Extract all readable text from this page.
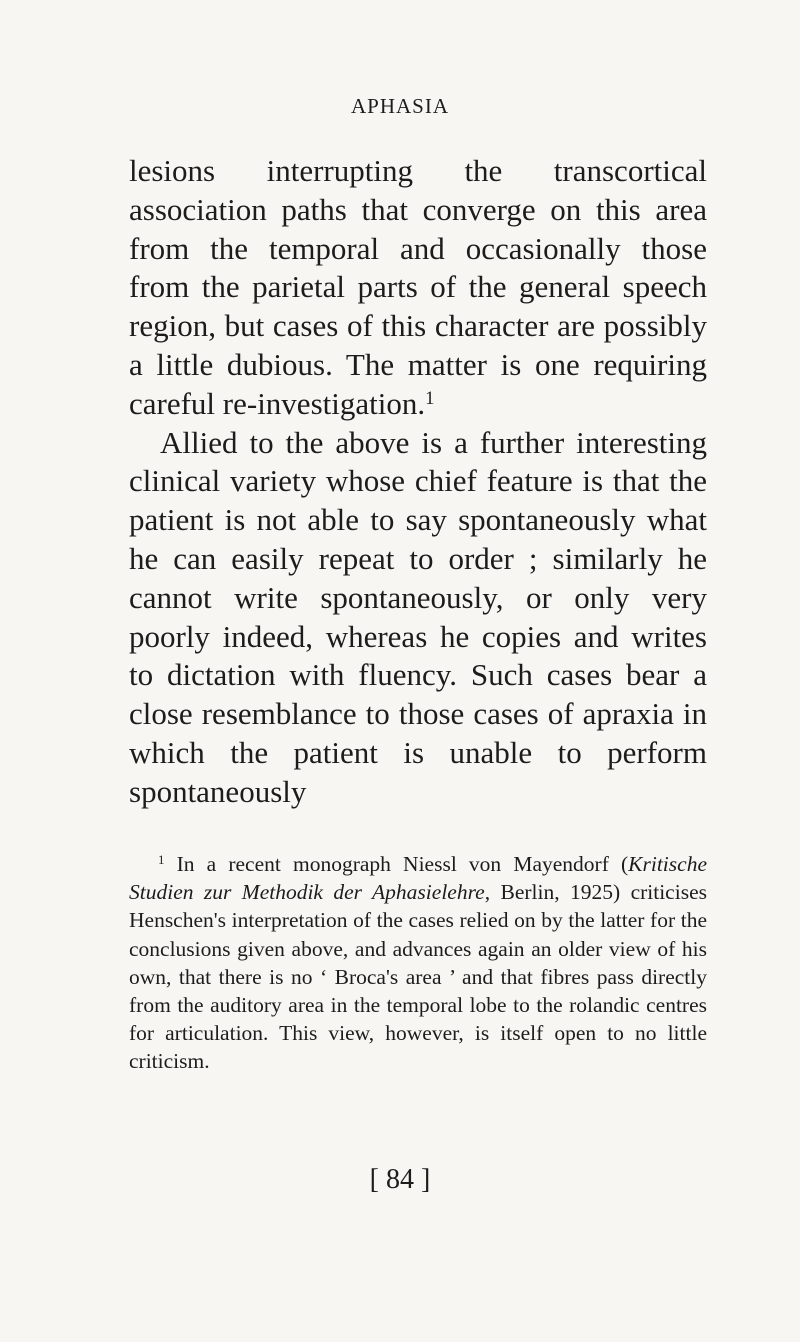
APHASIA

lesions interrupting the transcortical association paths that converge on this area from the temporal and occasionally those from the parietal parts of the general speech region, but cases of this character are possibly a little dubious. The matter is one requiring careful re-investigation.$^1$

Allied to the above is a further interesting clinical variety whose chief feature is that the patient is not able to say spontaneously what he can easily repeat to order ; similarly he cannot write spontaneously, or only very poorly indeed, whereas he copies and writes to dictation with fluency. Such cases bear a close resemblance to those cases of apraxia in which the patient is unable to perform spontaneously

$^1$ In a recent monograph Niessl von Mayendorf (Kritische Studien zur Methodik der Aphasielehre, Berlin, 1925) criticises Henschen's interpretation of the cases relied on by the latter for the conclusions given above, and advances again an older view of his own, that there is no ‘ Broca's area ’ and that fibres pass directly from the auditory area in the temporal lobe to the rolandic centres for articulation. This view, however, is itself open to no little criticism.

[ 84 ]
